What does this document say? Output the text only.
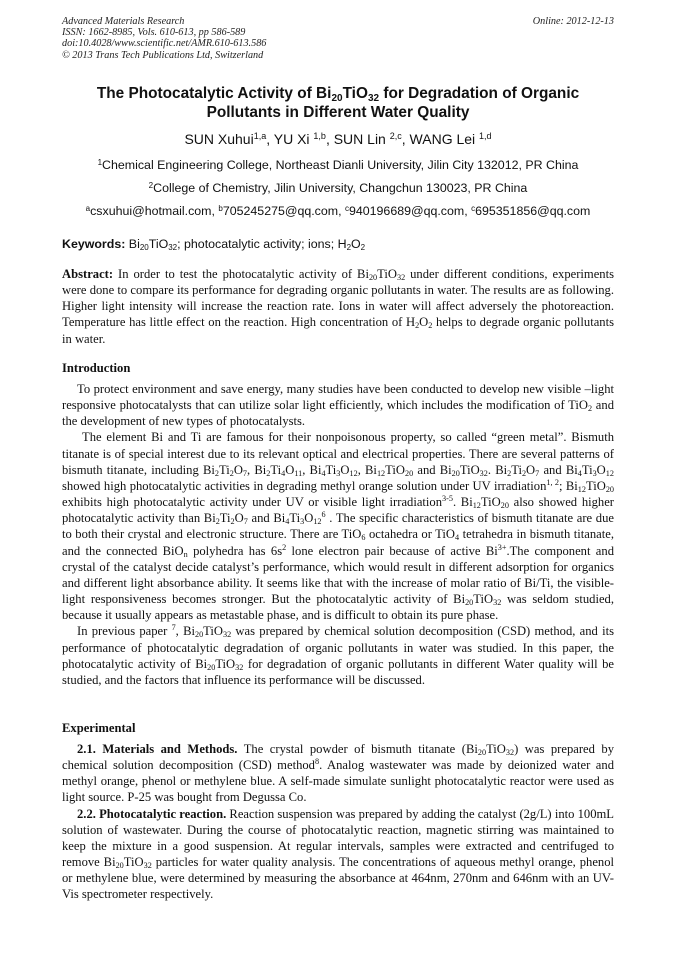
Advanced Materials Research
ISSN: 1662-8985, Vols. 610-613, pp 586-589
doi:10.4028/www.scientific.net/AMR.610-613.586
© 2013 Trans Tech Publications Ltd, Switzerland
Online: 2012-12-13
The Photocatalytic Activity of $Bi_{20}TiO_{32}$ for Degradation of Organic
Pollutants in Different Water Quality
SUN Xuhui$^{1,a}$, YU Xi $^{1,b}$, SUN Lin $^{2,c}$, WANG Lei $^{1,d}$
$^1$Chemical Engineering College, Northeast Dianli University, Jilin City 132012, PR China
$^2$College of Chemistry, Jilin University, Changchun 130023, PR China
$^a$csxuhui@hotmail.com, $^b$705245275@qq.com, $^c$940196689@qq.com, $^c$695351856@qq.com
Keywords: $Bi_{20}TiO_{32}$; photocatalytic activity; ions; $H_2O_2$

Abstract: In order to test the photocatalytic activity of $Bi_{20}TiO_{32}$ under different conditions, experiments were done to compare its performance for degrading organic pollutants in water. The results are as following. Higher light intensity will increase the reaction rate. Ions in water will affect adversely the photoreaction. Temperature has little effect on the reaction. High concentration of $H_2O_2$ helps to degrade organic pollutants in water.

Introduction

To protect environment and save energy, many studies have been conducted to develop new visible –light responsive photocatalysts that can utilize solar light efficiently, which includes the modification of TiO$_2$ and the development of new types of photocatalysts.

The element Bi and Ti are famous for their nonpoisonous property, so called “green metal”. Bismuth titanate is of special interest due to its relevant optical and electrical properties. There are several patterns of bismuth titanate, including $Bi_2Ti_2O_7$, $Bi_2Ti_4O_{11}$, $Bi_4Ti_3O_{12}$, $Bi_{12}TiO_{20}$ and $Bi_{20}TiO_{32}$. $Bi_2Ti_2O_7$ and $Bi_4Ti_3O_{12}$ showed high photocatalytic activities in degrading methyl orange solution under UV irradiation$^{1, 2}$; $Bi_{12}TiO_{20}$ exhibits high photocatalytic activity under UV or visible light irradiation$^{3-5}$. $Bi_{12}TiO_{20}$ also showed higher photocatalytic activity than $Bi_2Ti_2O_7$ and $Bi_4Ti_3O_{12}^6$ . The specific characteristics of bismuth titanate are due to both their crystal and electronic structure. There are TiO$_6$ octahedra or TiO$_4$ tetrahedra in bismuth titanate, and the connected BiO$_n$ polyhedra has $6s^2$ lone electron pair because of active $Bi^{3+}.The$ component and crystal of the catalyst decide catalyst’s performance, which would result in different adsorption for organics and different light absorbance ability. It seems like that with the increase of molar ratio of Bi/Ti, the visible-light responsiveness becomes stronger. But the photocatalytic activity of $Bi_{20}TiO_{32}$ was seldom studied, because it usually appears as metastable phase, and is difficult to obtain its pure phase.

In previous paper $^7$, $Bi_{20}TiO_{32}$ was prepared by chemical solution decomposition (CSD) method, and its performance of photocatalytic degradation of organic pollutants in water was studied. In this paper, the photocatalytic activity of $Bi_{20}TiO_{32}$ for degradation of organic pollutants in different Water quality will be studied, and the factors that influence its performance will be discussed.

Experimental

2.1. Materials and Methods. The crystal powder of bismuth titanate $(Bi_{20}TiO_{32})$ was prepared by chemical solution decomposition (CSD) method$^8$. Analog wastewater was made by deionized water and methyl orange, phenol or methylene blue. A self-made simulate sunlight photocatalytic reactor were used as light source. P-25 was bought from Degussa Co.

2.2. Photocatalytic reaction. Reaction suspension was prepared by adding the catalyst (2g/L) into 100mL solution of wastewater. During the course of photocatalytic reaction, magnetic stirring was maintained to keep the mixture in a good suspension. At regular intervals, samples were extracted and centrifuged to remove $Bi_{20}TiO_{32}$ particles for water quality analysis. The concentrations of aqueous methyl orange, phenol or methylene blue, were determined by measuring the absorbance at 464nm, 270nm and 646nm with an UV-Vis spectrometer respectively.
